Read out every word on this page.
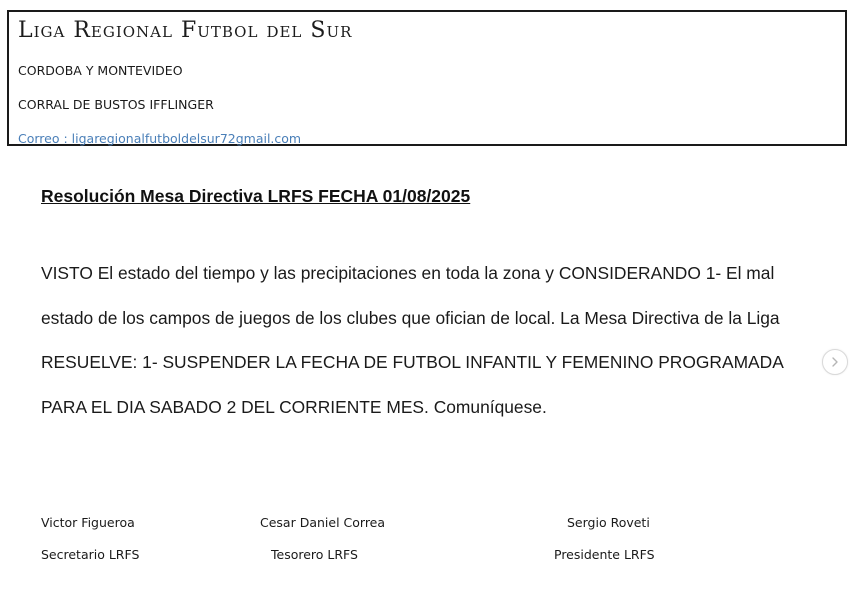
Liga Regional Futbol del Sur
CORDOBA Y MONTEVIDEO
CORRAL DE BUSTOS IFFLINGER
Correo : ligaregionalfutboldelsur72gmail.com
Resolución Mesa Directiva LRFS FECHA 01/08/2025

VISTO El estado del tiempo y las precipitaciones en toda la zona y CONSIDERANDO 1- El mal estado de los campos de juegos de los clubes que ofician de local. La Mesa Directiva de la Liga RESUELVE: 1- SUSPENDER LA FECHA DE FUTBOL INFANTIL Y FEMENINO PROGRAMADA PARA EL DIA SABADO 2 DEL CORRIENTE MES. Comuníquese.

Victor Figueroa
Secretario LRFS
Cesar Daniel Correa
Tesorero LRFS
Sergio Roveti
Presidente LRFS
